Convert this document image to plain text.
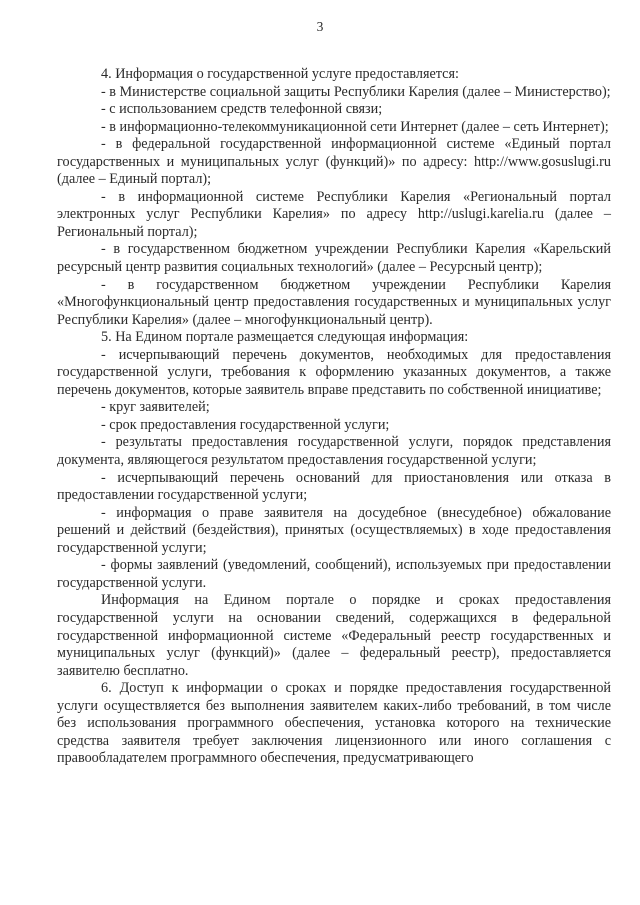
3

4. Информация о государственной услуге предоставляется:

- в Министерстве социальной защиты Республики Карелия (далее – Министерство);

- с использованием средств телефонной связи;

- в информационно-телекоммуникационной сети Интернет (далее – сеть Интернет);

- в федеральной государственной информационной системе «Единый портал государственных и муниципальных услуг (функций)» по адресу: http://www.gosuslugi.ru (далее – Единый портал);

- в информационной системе Республики Карелия «Региональный портал электронных услуг Республики Карелия» по адресу http://uslugi.karelia.ru (далее – Региональный портал);

- в государственном бюджетном учреждении Республики Карелия «Карельский ресурсный центр развития социальных технологий» (далее – Ресурсный центр);

- в государственном бюджетном учреждении Республики Карелия «Многофункциональный центр предоставления государственных и муниципальных услуг Республики Карелия» (далее – многофункциональный центр).

5. На Едином портале размещается следующая информация:

- исчерпывающий перечень документов, необходимых для предоставления государственной услуги, требования к оформлению указанных документов, а также перечень документов, которые заявитель вправе представить по собственной инициативе;

- круг заявителей;

- срок предоставления государственной услуги;

- результаты предоставления государственной услуги, порядок представления документа, являющегося результатом предоставления государственной услуги;

- исчерпывающий перечень оснований для приостановления или отказа в предоставлении государственной услуги;

- информация о праве заявителя на досудебное (внесудебное) обжалование решений и действий (бездействия), принятых (осуществляемых) в ходе предоставления государственной услуги;

- формы заявлений (уведомлений, сообщений), используемых при предоставлении государственной услуги.

Информация на Едином портале о порядке и сроках предоставления государственной услуги на основании сведений, содержащихся в федеральной государственной информационной системе «Федеральный реестр государственных и муниципальных услуг (функций)» (далее – федеральный реестр), предоставляется заявителю бесплатно.

6. Доступ к информации о сроках и порядке предоставления государственной услуги осуществляется без выполнения заявителем каких-либо требований, в том числе без использования программного обеспечения, установка которого на технические средства заявителя требует заключения лицензионного или иного соглашения с правообладателем программного обеспечения, предусматривающего
